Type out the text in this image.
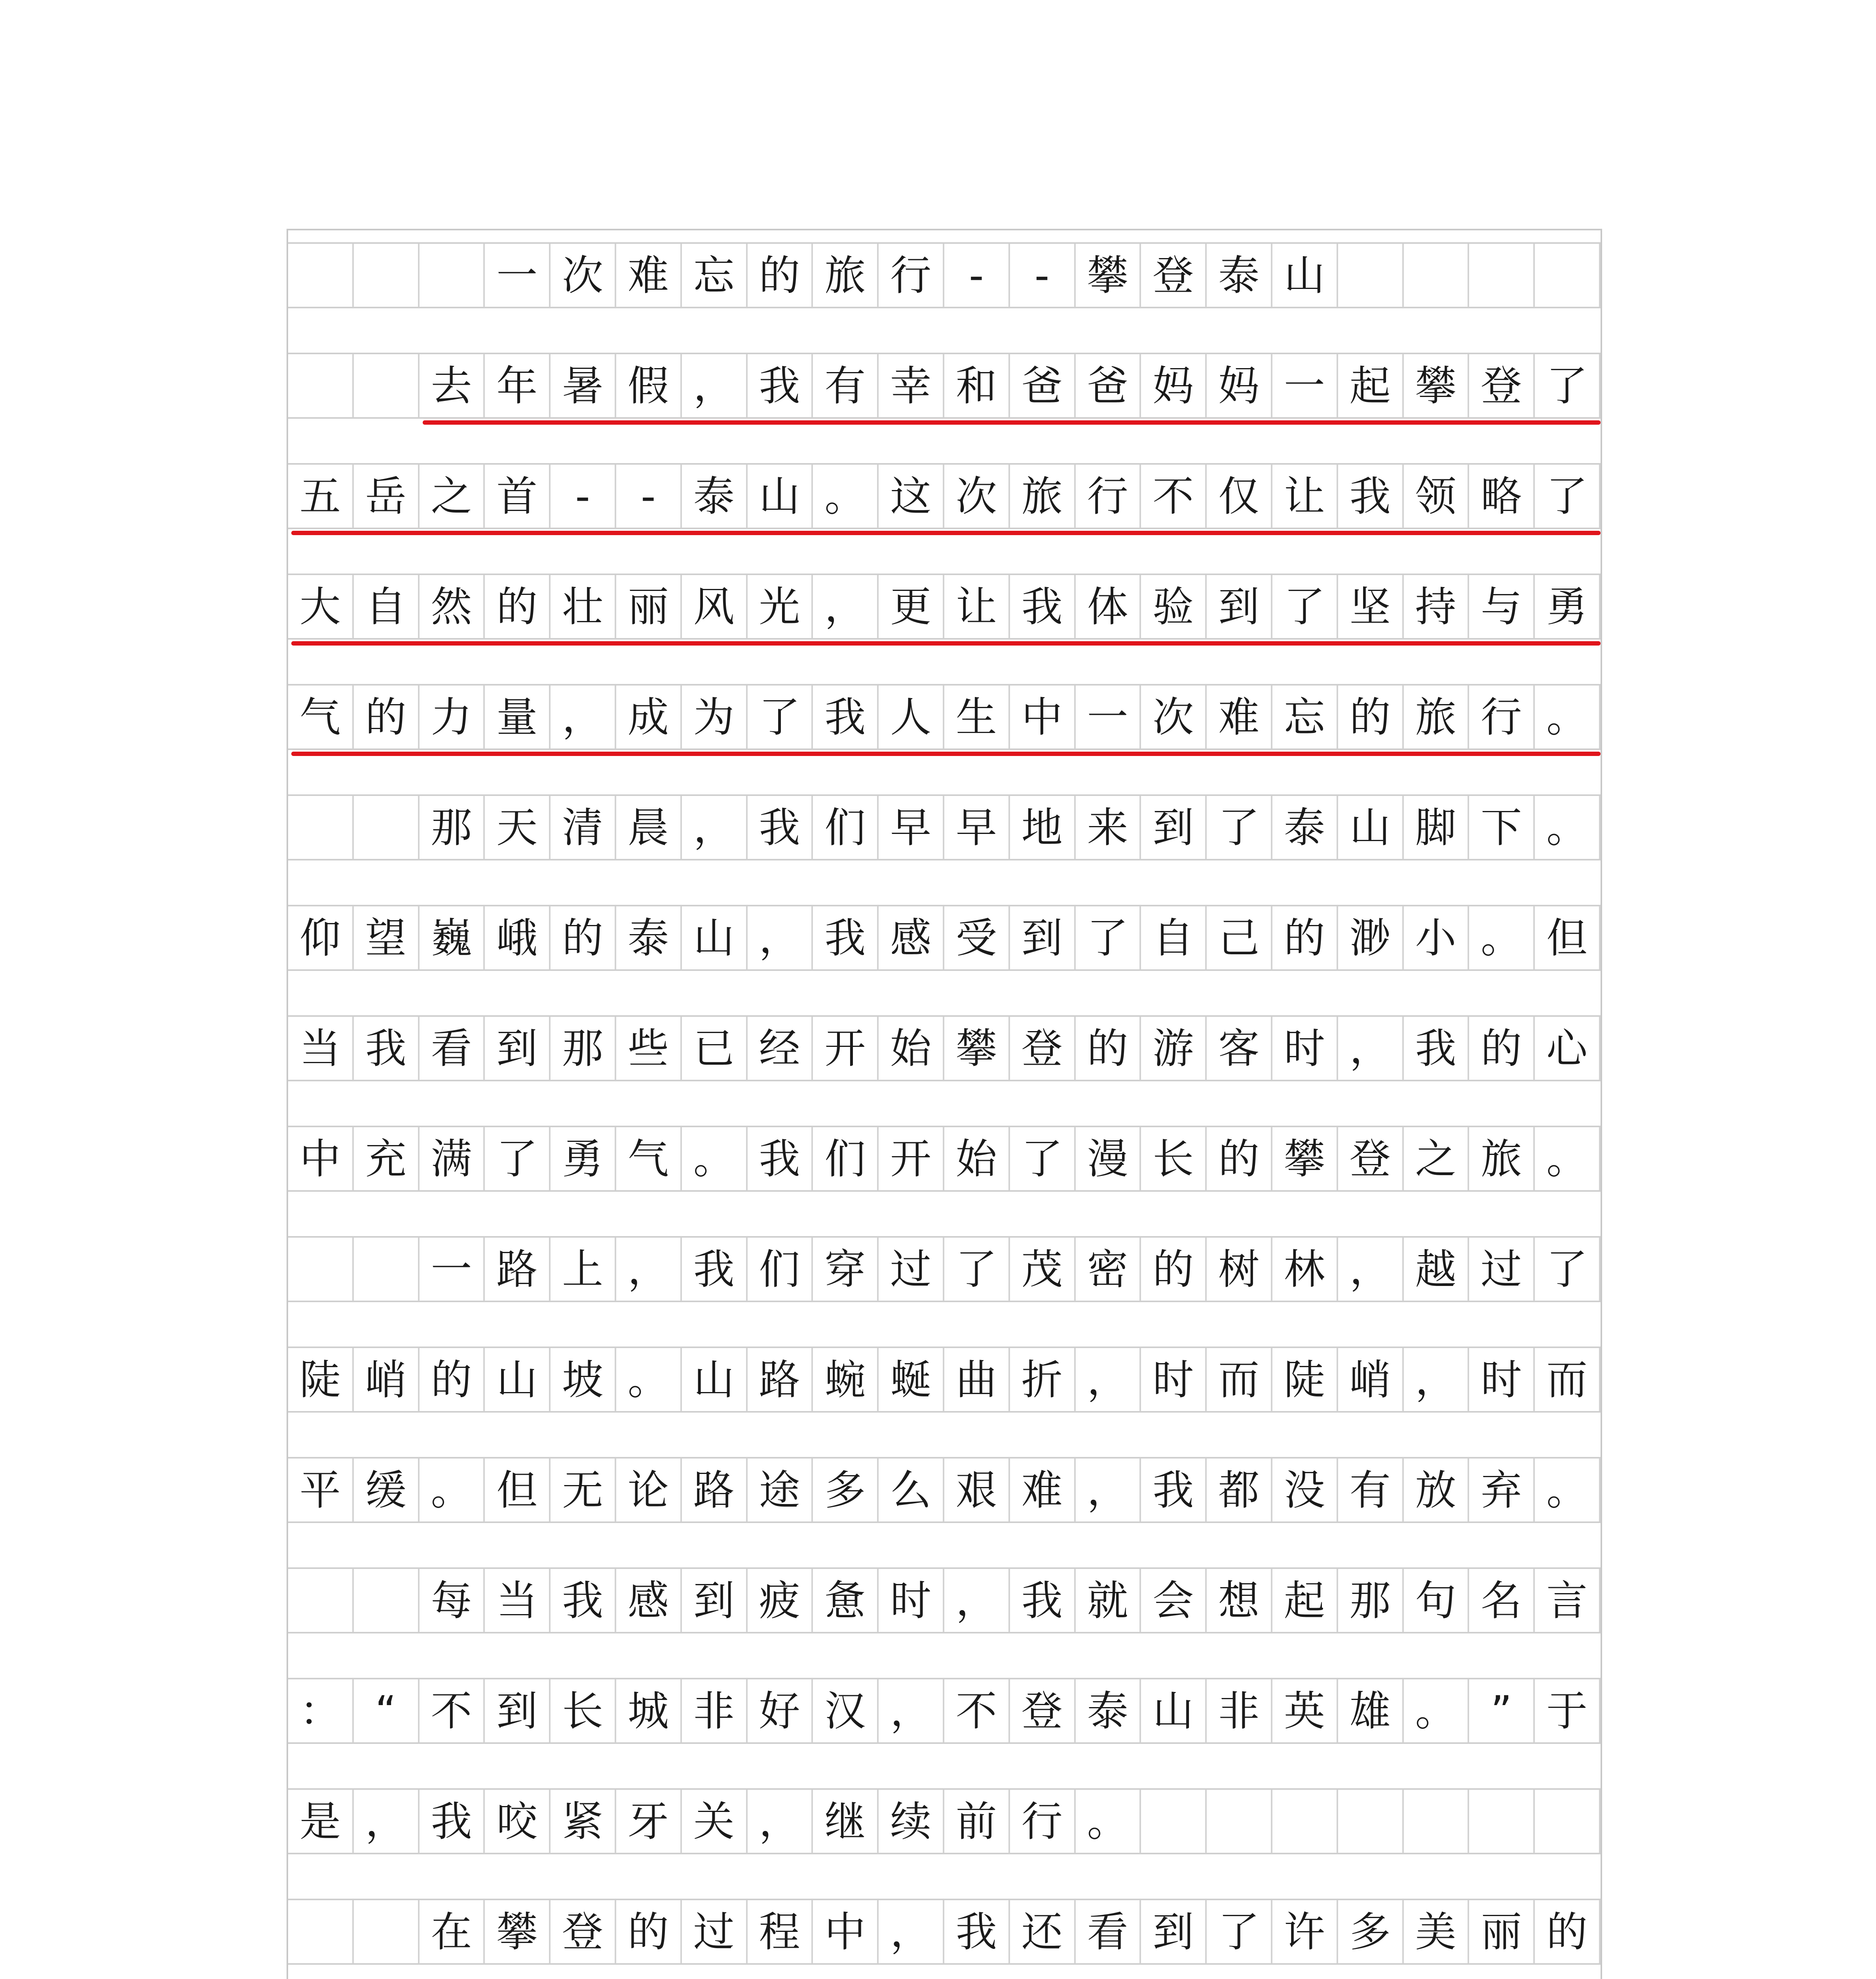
一 次 难 忘 的 旅 行 -	- 攀 登 泰 山
去 年 暑 假 ， 我 有 幸 和 爸 爸 妈 妈 一 起 攀 登 了
五 岳 之 首 -	- 泰 山 。 这 次 旅 行 不 仅 让 我 领 略 了
大 自 然 的 壮 丽 风 光 ， 更 让 我 体 验 到 了 坚 持 与 勇
气 的 力 量 ， 成 为 了 我 人 生 中 一 次 难 忘 的 旅 行 。
那 天 清 晨 ， 我 们 早 早 地 来 到 了 泰 山 脚 下 。
仰 望 巍 峨 的 泰 山 ， 我 感 受 到 了 自 己 的 渺 小 。 但
当 我 看 到 那 些 已 经 开 始 攀 登 的 游 客 时 ， 我 的 心
中 充 满 了 勇 气 。 我 们 开 始 了 漫 长 的 攀 登 之 旅 。
一 路 上 ， 我 们 穿 过 了 茂 密 的 树 林 ， 越 过 了
陡 峭 的 山 坡 。 山 路 蜿 蜒 曲 折 ， 时 而 陡 峭 ， 时 而
平 缓 。 但 无 论 路 途 多 么 艰 难 ， 我 都 没 有 放 弃 。
每 当 我 感 到 疲 惫 时 ， 我 就 会 想 起 那 句 名 言
： “ 不 到 长 城 非 好 汉 ， 不 登 泰 山 非 英 雄 。 ” 于
是 ， 我 咬 紧 牙 关 ， 继 续 前 行 。
在 攀 登 的 过 程 中 ， 我 还 看 到 了 许 多 美 丽 的
